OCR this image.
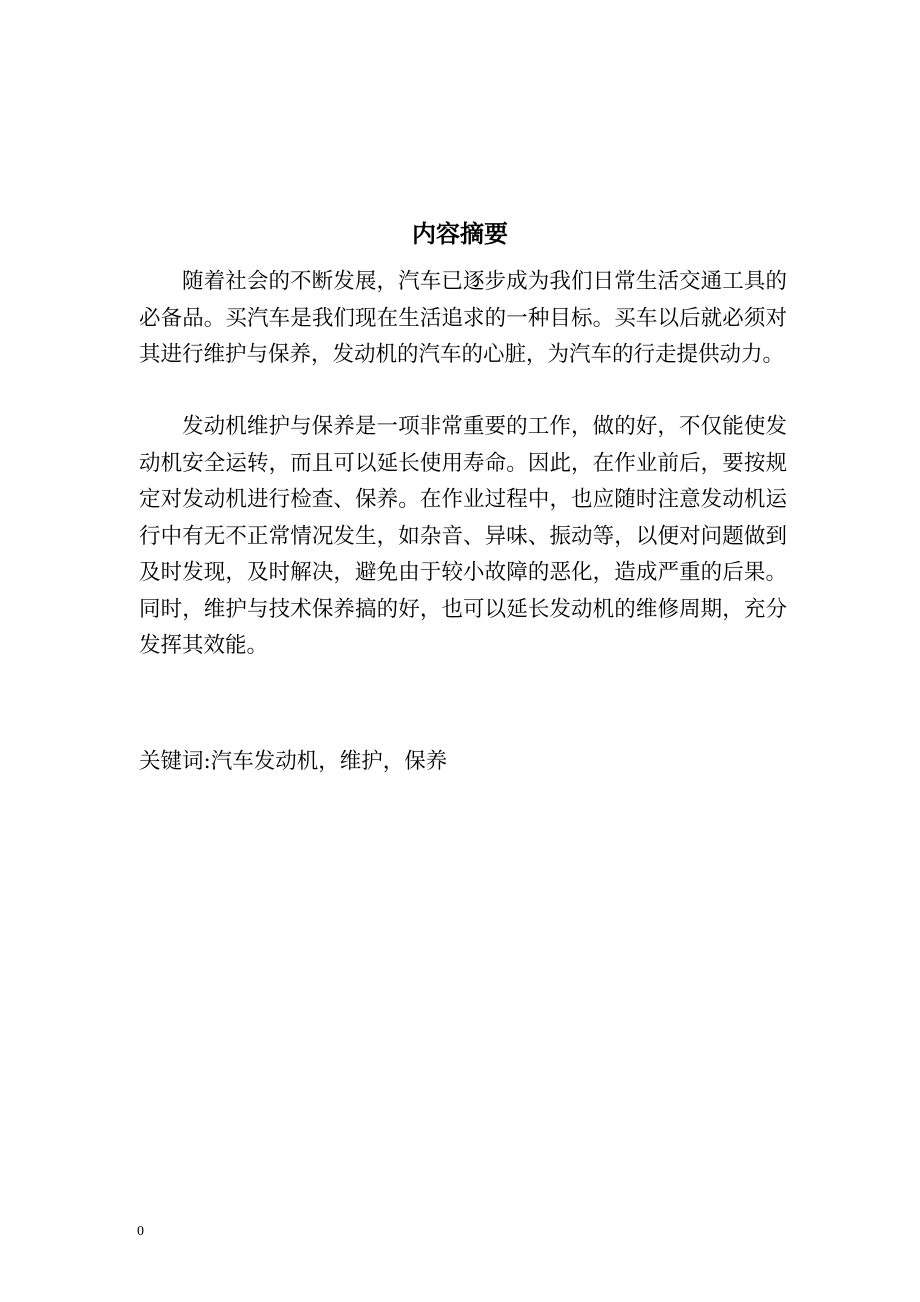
内容摘要

随着社会的不断发展，汽车已逐步成为我们日常生活交通工具的必备品。买汽车是我们现在生活追求的一种目标。买车以后就必须对其进行维护与保养，发动机的汽车的心脏，为汽车的行走提供动力。

发动机维护与保养是一项非常重要的工作，做的好，不仅能使发动机安全运转，而且可以延长使用寿命。因此，在作业前后，要按规定对发动机进行检查、保养。在作业过程中，也应随时注意发动机运行中有无不正常情况发生，如杂音、异味、振动等，以便对问题做到及时发现，及时解决，避免由于较小故障的恶化，造成严重的后果。同时，维护与技术保养搞的好，也可以延长发动机的维修周期，充分发挥其效能。

关键词:汽车发动机，维护，保养
0
